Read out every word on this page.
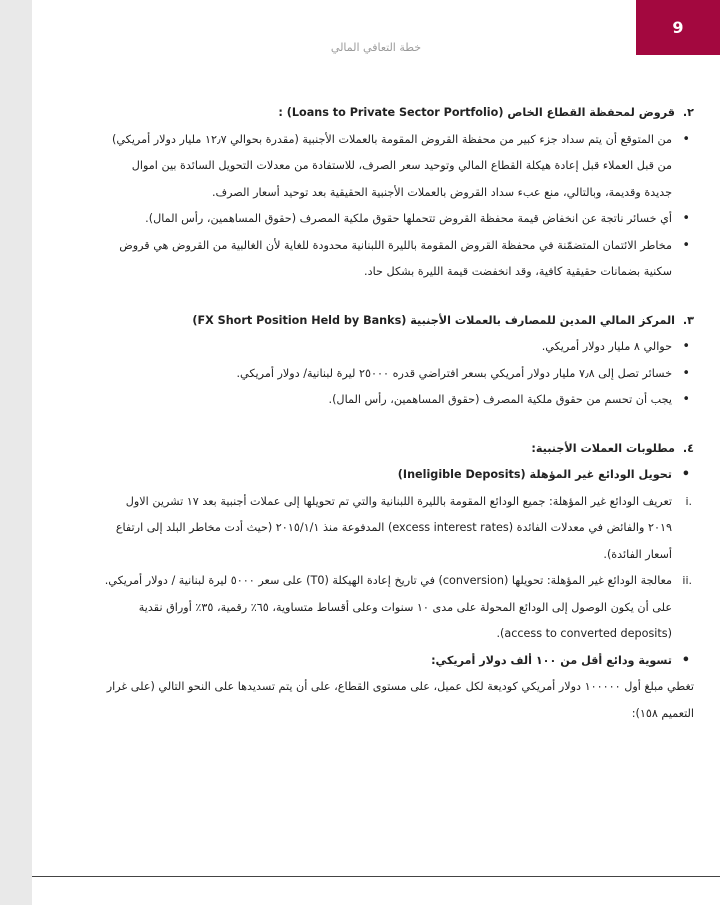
9
خطة التعافي المالي

٢. قروض لمحفظة القطاع الخاص (Loans to Private Sector Portfolio) :

• من المتوقع أن يتم سداد جزء كبير من محفظة القروض المقومة بالعملات الأجنبية (مقدرة بحوالي ١٢٫٧ مليار دولار أمريكي) من قبل العملاء قبل إعادة هيكلة القطاع المالي وتوحيد سعر الصرف، للاستفادة من معدلات التحويل السائدة بين اموال جديدة وقديمة، وبالتالي، منع عبء سداد القروض بالعملات الأجنبية الحقيقية بعد توحيد أسعار الصرف.
• أي خسائر ناتجة عن انخفاض قيمة محفظة القروض تتحملها حقوق ملكية المصرف (حقوق المساهمين، رأس المال).
• مخاطر الائتمان المتضمّنة في محفظة القروض المقومة بالليرة اللبنانية محدودة للغاية لأن الغالبية من القروض هي قروض سكنية بضمانات حقيقية كافية، وقد انخفضت قيمة الليرة بشكل حاد.

٣. المركز المالي المدين للمصارف بالعملات الأجنبية (FX Short Position Held by Banks)

• حوالي ٨ مليار دولار أمريكي.
• خسائر تصل إلى ٧٫٨ مليار دولار أمريكي بسعر افتراضي قدره ٢٥٠٠٠ ليرة لبنانية/ دولار أمريكي.
• يجب أن تحسم من حقوق ملكية المصرف (حقوق المساهمين، رأس المال).

٤. مطلوبات العملات الأجنبية:

• تحويل الودائع غير المؤهلة (Ineligible Deposits)
i.
تعريف الودائع غير المؤهلة: جميع الودائع المقومة بالليرة اللبنانية والتي تم تحويلها إلى عملات أجنبية بعد ١٧ تشرين الاول ٢٠١٩ والفائض في معدلات الفائدة (excess interest rates) المدفوعة منذ ٢٠١٥/١/١ (حيث أدت مخاطر البلد إلى ارتفاع أسعار الفائدة).
ii.
معالجة الودائع غير المؤهلة: تحويلها (conversion) في تاريخ إعادة الهيكلة (T0) على سعر ٥٠٠٠ ليرة لبنانية / دولار أمريكي. على أن يكون الوصول إلى الودائع المحولة على مدى ١٠ سنوات وعلى أقساط متساوية، ٦٥٪ رقمية، ٣٥٪ أوراق نقدية (access to converted deposits).
• تسوية ودائع أقل من ١٠٠ ألف دولار أمريكي:

تغطي مبلغ أول ١٠٠٠٠٠ دولار أمريكي كوديعة لكل عميل، على مستوى القطاع، على أن يتم تسديدها على النحو التالي (على غرار التعميم ١٥٨):
